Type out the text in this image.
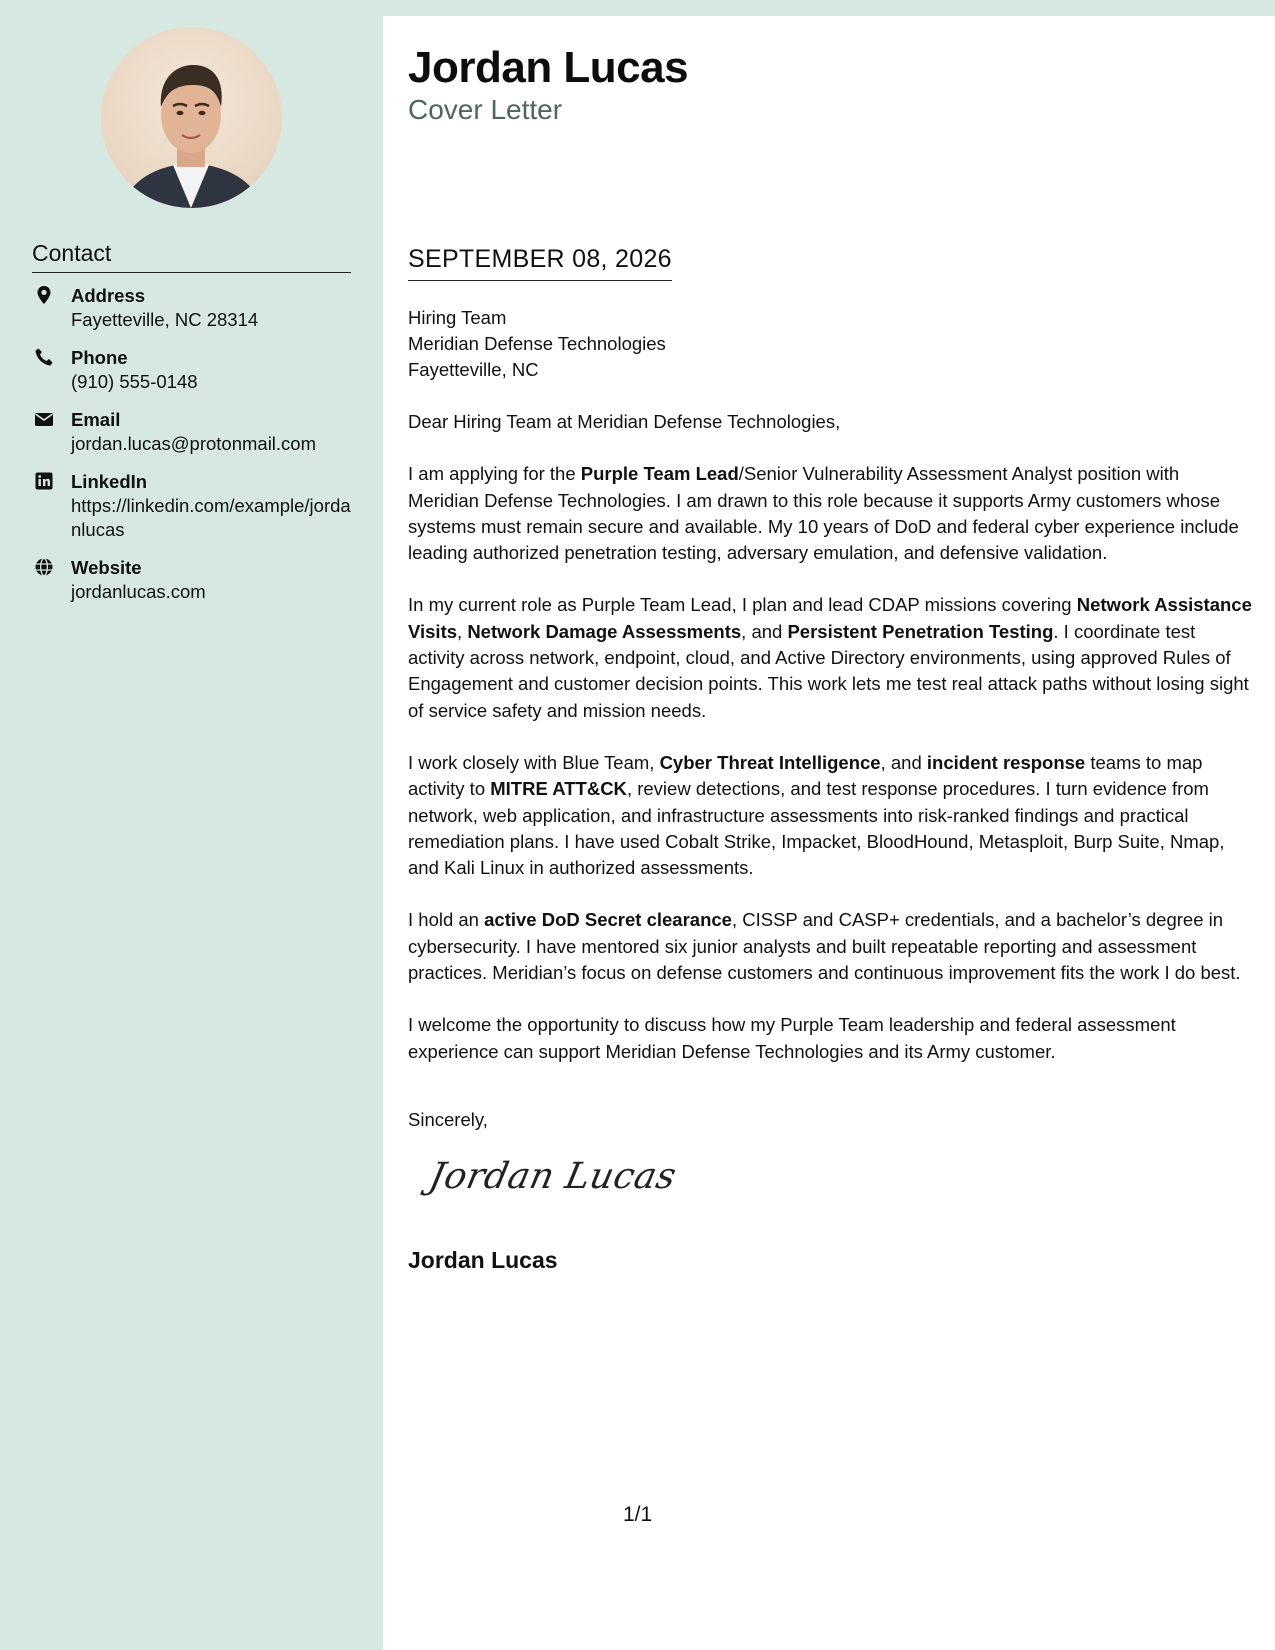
Contact
Address
Fayetteville, NC 28314
Phone
(910) 555-0148
Email
jordan.lucas@protonmail.com
LinkedIn
https://linkedin.com/example/jordanlucas
Website
jordanlucas.com
Jordan Lucas
Cover Letter
SEPTEMBER 08, 2026
Hiring Team
Meridian Defense Technologies
Fayetteville, NC

Dear Hiring Team at Meridian Defense Technologies,

I am applying for the Purple Team Lead/Senior Vulnerability Assessment Analyst position with Meridian Defense Technologies. I am drawn to this role because it supports Army customers whose systems must remain secure and available. My 10 years of DoD and federal cyber experience include leading authorized penetration testing, adversary emulation, and defensive validation.

In my current role as Purple Team Lead, I plan and lead CDAP missions covering Network Assistance Visits, Network Damage Assessments, and Persistent Penetration Testing. I coordinate test activity across network, endpoint, cloud, and Active Directory environments, using approved Rules of Engagement and customer decision points. This work lets me test real attack paths without losing sight of service safety and mission needs.

I work closely with Blue Team, Cyber Threat Intelligence, and incident response teams to map activity to MITRE ATT&CK, review detections, and test response procedures. I turn evidence from network, web application, and infrastructure assessments into risk-ranked findings and practical remediation plans. I have used Cobalt Strike, Impacket, BloodHound, Metasploit, Burp Suite, Nmap, and Kali Linux in authorized assessments.

I hold an active DoD Secret clearance, CISSP and CASP+ credentials, and a bachelor’s degree in cybersecurity. I have mentored six junior analysts and built repeatable reporting and assessment practices. Meridian’s focus on defense customers and continuous improvement fits the work I do best.

I welcome the opportunity to discuss how my Purple Team leadership and federal assessment experience can support Meridian Defense Technologies and its Army customer.

Sincerely,
Jordan Lucas
Jordan Lucas
1/1
